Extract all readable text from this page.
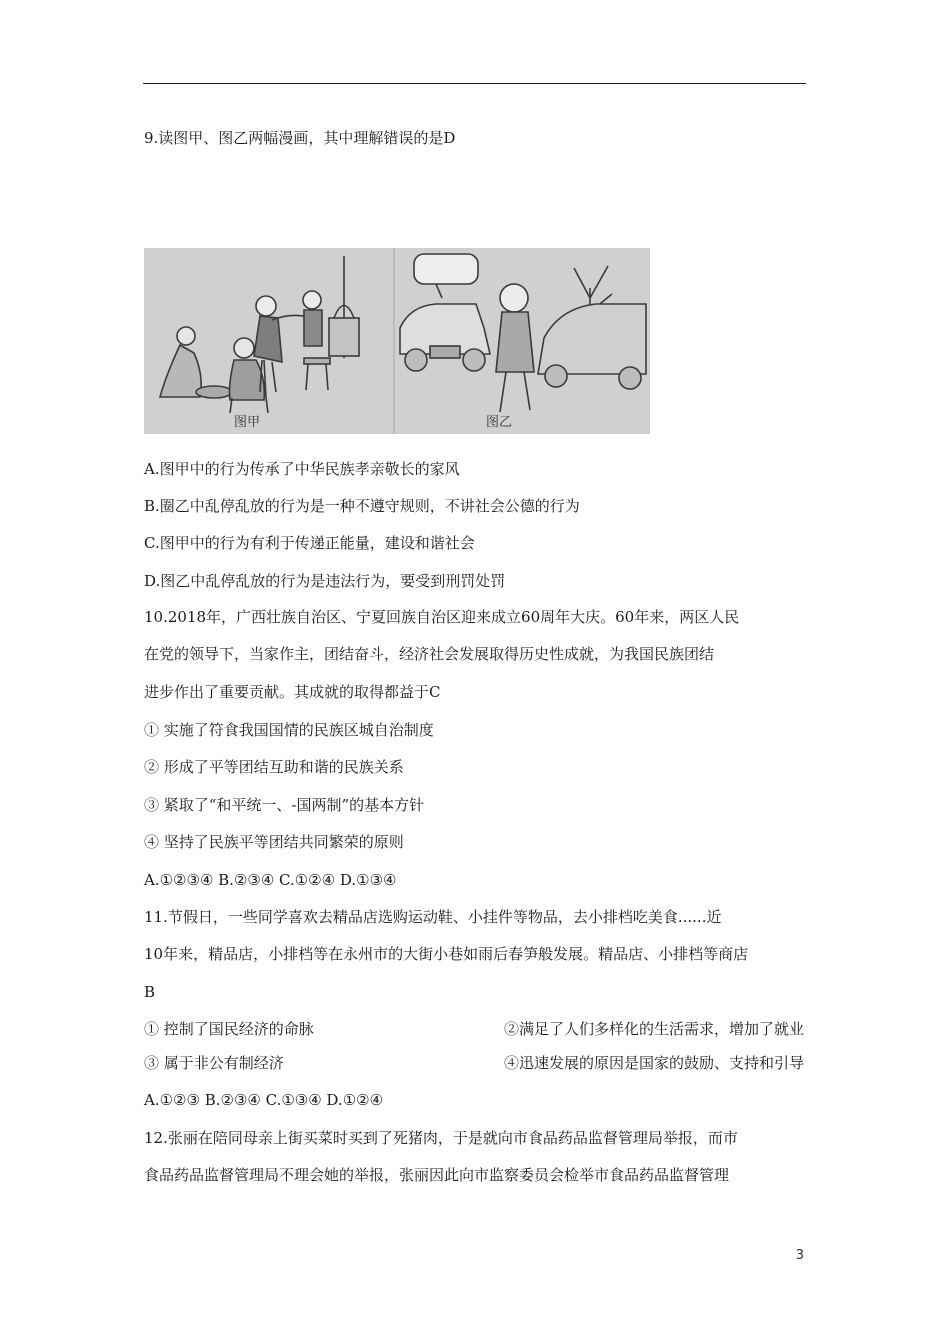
9.读图甲、图乙两幅漫画，其中理解错误的是D
图甲	图乙
A.图甲中的行为传承了中华民族孝亲敬长的家风
B.圈乙中乱停乱放的行为是一种不遵守规则，不讲社会公德的行为
C.图甲中的行为有利于传递正能量，建设和谐社会
D.图乙中乱停乱放的行为是违法行为，要受到刑罚处罚
10.2018年，广西壮族自治区、宁夏回族自治区迎来成立60周年大庆。60年来，两区人民
在党的领导下，当家作主，团结奋斗，经济社会发展取得历史性成就，为我国民族团结
进步作出了重要贡献。其成就的取得都益于C
① 实施了符食我国国情的民族区城自治制度
② 形成了平等团结互助和谐的民族关系
③ 紧取了“和平统一、-国两制”的基本方针
④ 坚持了民族平等团结共同繁荣的原则
A.①②③④ B.②③④ C.①②④ D.①③④
11.节假日，一些同学喜欢去精品店选购运动鞋、小挂件等物品，去小排档吃美食......近
10年来，精品店，小排档等在永州市的大街小巷如雨后春笋般发展。精品店、小排档等商店
B
① 控制了国民经济的命脉	②满足了人们多样化的生活需求，增加了就业
③ 属于非公有制经济	④迅速发展的原因是国家的鼓励、支持和引导
A.①②③ B.②③④ C.①③④ D.①②④
12.张丽在陪同母亲上街买菜时买到了死猪肉，于是就向市食品药品监督管理局举报，而市
食品药品监督管理局不理会她的举报，张丽因此向市监察委员会检举市食品药品监督管理
3
